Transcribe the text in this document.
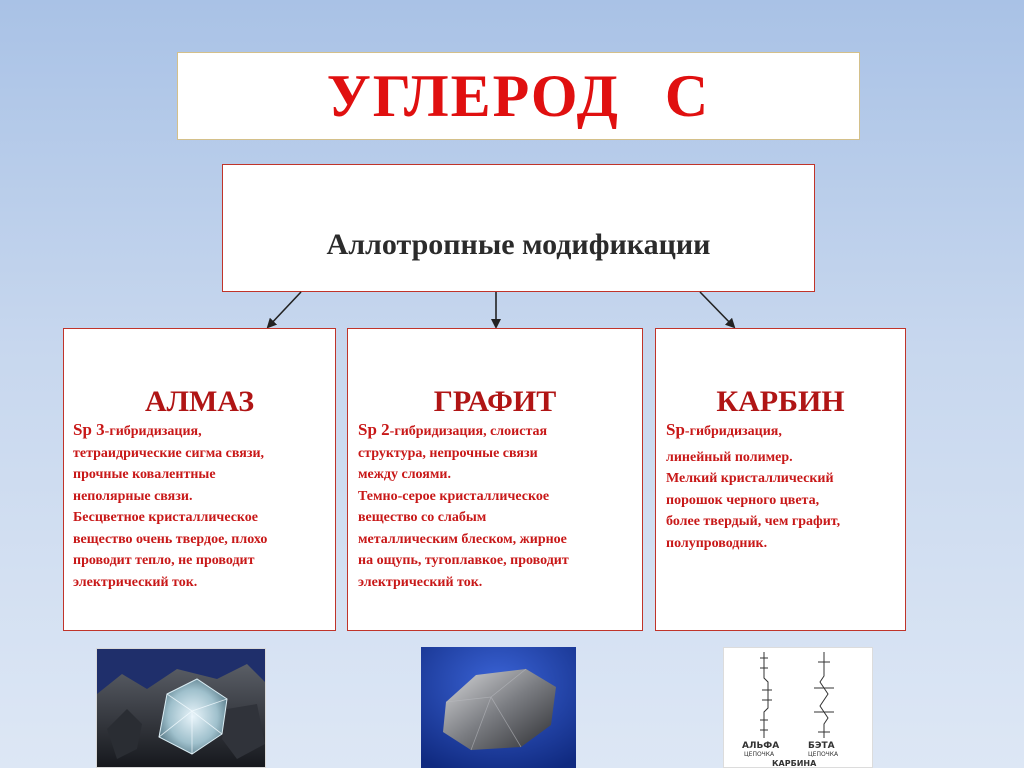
УГЛЕРОД С
Аллотропные модификации
АЛМАЗ
Sp 3-гибридизация,
тетраидрические сигма связи,
прочные ковалентные
неполярные связи.
Бесцветное кристаллическое
вещество очень твердое, плохо
проводит тепло, не проводит
электрический ток.
ГРАФИТ
Sp 2-гибридизация, слоистая
структура, непрочные связи
между слоями.
Темно-серое кристаллическое
вещество со слабым
металлическим блеском, жирное
на ощупь, тугоплавкое, проводит
электрический ток.
КАРБИН
Sp-гибридизация,
линейный полимер.
Мелкий кристаллический
порошок черного цвета,
более твердый, чем графит,
полупроводник.
АЛЬФА
ЦЕПОЧКА
БЭТА
ЦЕПОЧКА
КАРБИНА
